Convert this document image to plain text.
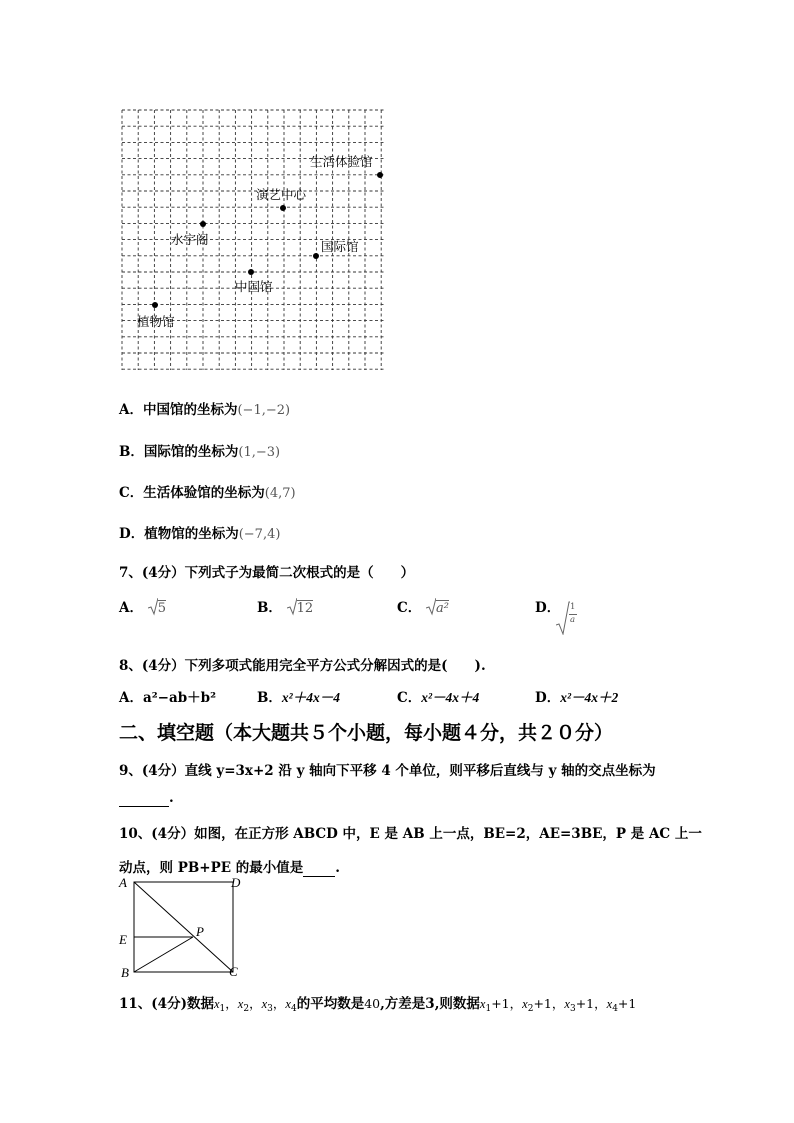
生活体验馆
演艺中心
水宇阁	国际馆
中国馆
植物馆
A．中国馆的坐标为(−1,−2)
B．国际馆的坐标为(1,−3)
C．生活体验馆的坐标为(4,7)
D．植物馆的坐标为(−7,4)
7、(4分）下列式子为最简二次根式的是（　　）
A． 5	B． 12	C． a²	D． 1
a
8、(4分）下列多项式能用完全平方公式分解因式的是(　　).
A．a²−ab＋b²	B．x²＋4x－4	C．x²－4x＋4	D．x²－4x＋2
二、填空题（本大题共５个小题，每小题４分，共２０分）
9、(4分）直线 y=3x+2 沿 y 轴向下平移 4 个单位，则平移后直线与 y 轴的交点坐标为
.
10、(4分）如图，在正方形 ABCD 中，E 是 AB 上一点，BE=2，AE=3BE，P 是 AC 上一
动点，则 PB+PE 的最小值是 .
A	D
E
P
B	C
11、(4分)数据$x_1$，$x_2$，$x_3$，$x_4$的平均数是40,方差是3,则数据$x_1+1$，$x_2+1$，$x_3+1$，$x_4+1$
